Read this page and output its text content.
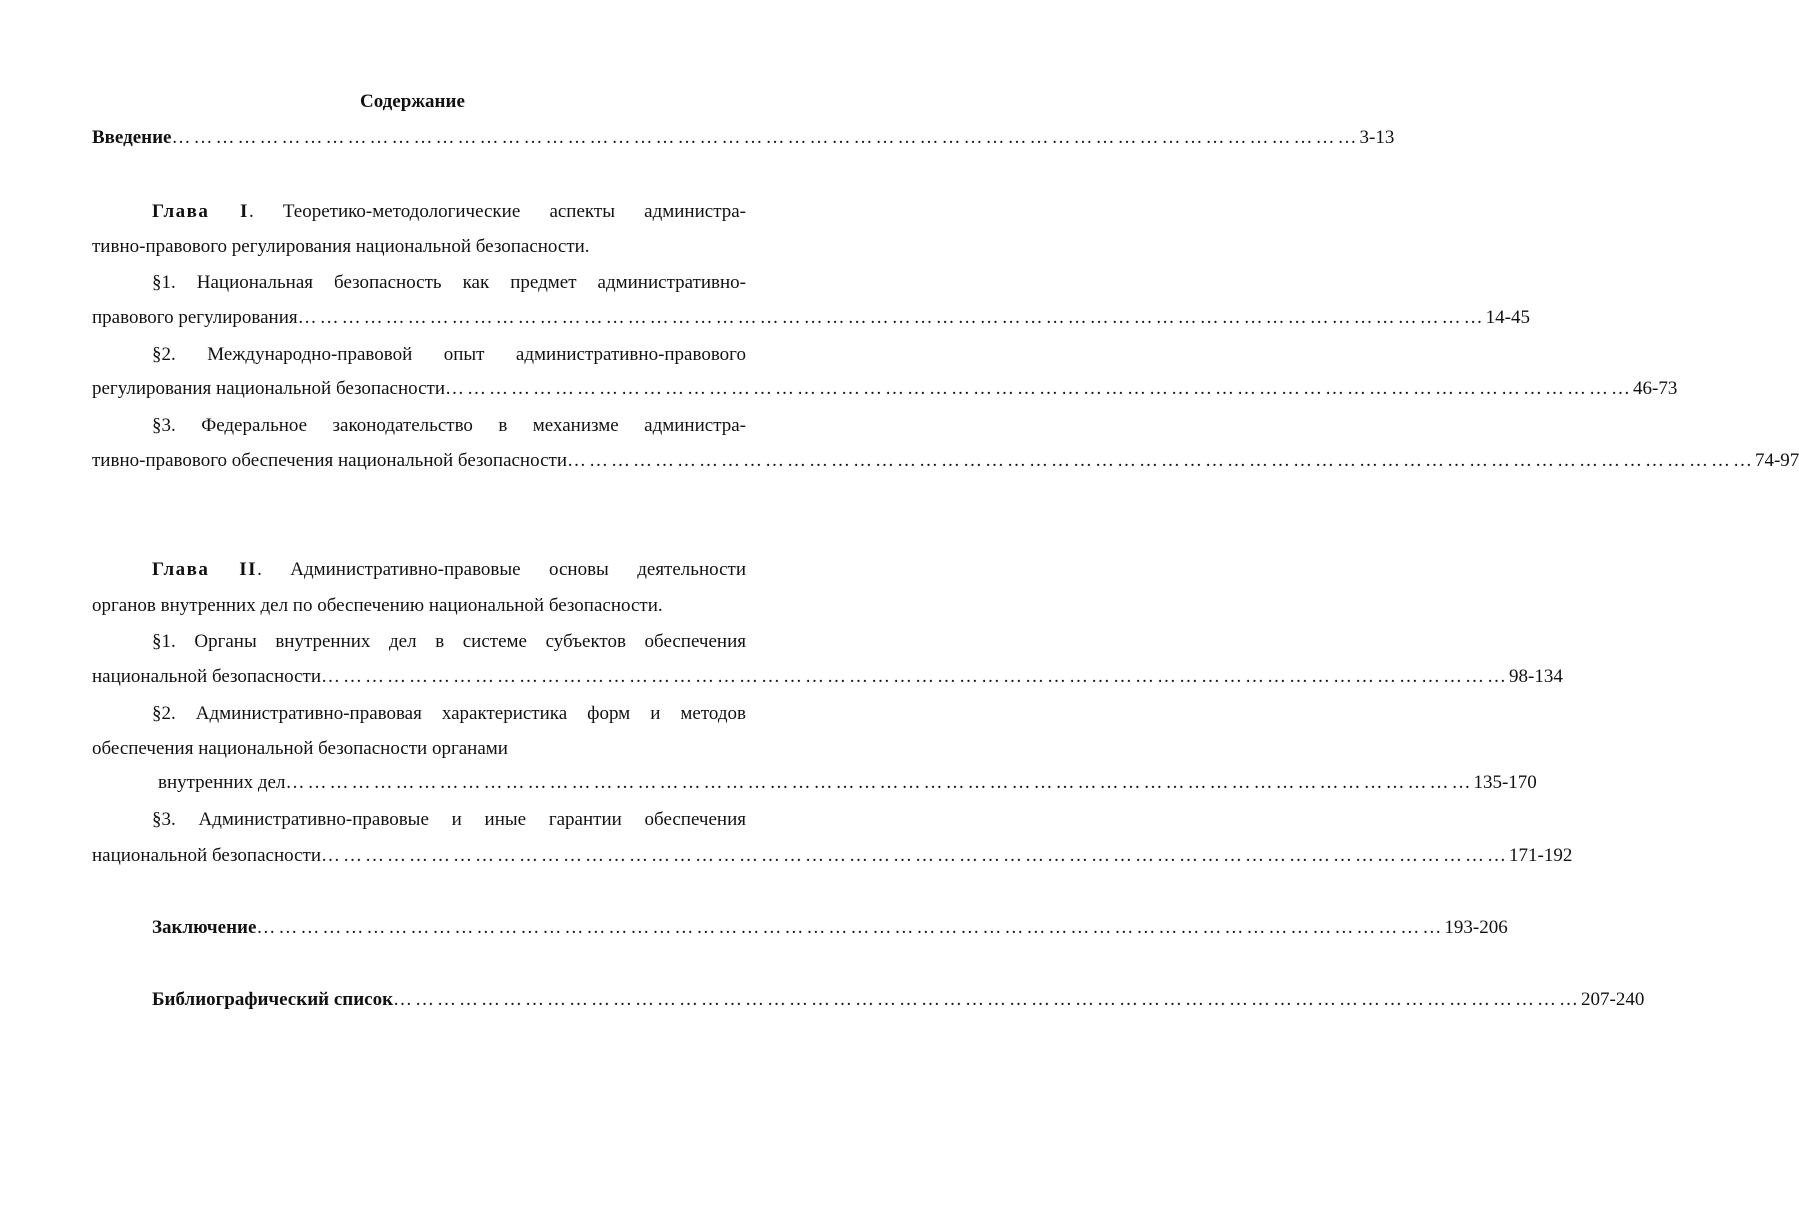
Содержание
Введение ……………………………………………………………………………………………………………………………………………… 3-13
Глава I. Теоретико-методологические аспекты администра-
тивно-правового регулирования национальной безопасности.
§1. Национальная безопасность как предмет административно-
правового регулирования ……………………………………………………………………………………………………………………………………………… 14-45
§2. Международно-правовой опыт административно-правового
регулирования национальной безопасности ……………………………………………………………………………………………………………………………………………… 46-73
§3. Федеральное законодательство в механизме администра-
тивно-правового обеспечения национальной безопасности ……………………………………………………………………………………………………………………………………………… 74-97
Глава II. Административно-правовые основы деятельности
органов внутренних дел по обеспечению национальной безопасности.
§1. Органы внутренних дел в системе субъектов обеспечения
национальной безопасности ……………………………………………………………………………………………………………………………………………… 98-134
§2. Административно-правовая характеристика форм и методов
обеспечения национальной безопасности органами
внутренних дел ……………………………………………………………………………………………………………………………………………… 135-170
§3. Административно-правовые и иные гарантии обеспечения
национальной безопасности ……………………………………………………………………………………………………………………………………………… 171-192
Заключение ……………………………………………………………………………………………………………………………………………… 193-206
Библиографический список ……………………………………………………………………………………………………………………………………………… 207-240
